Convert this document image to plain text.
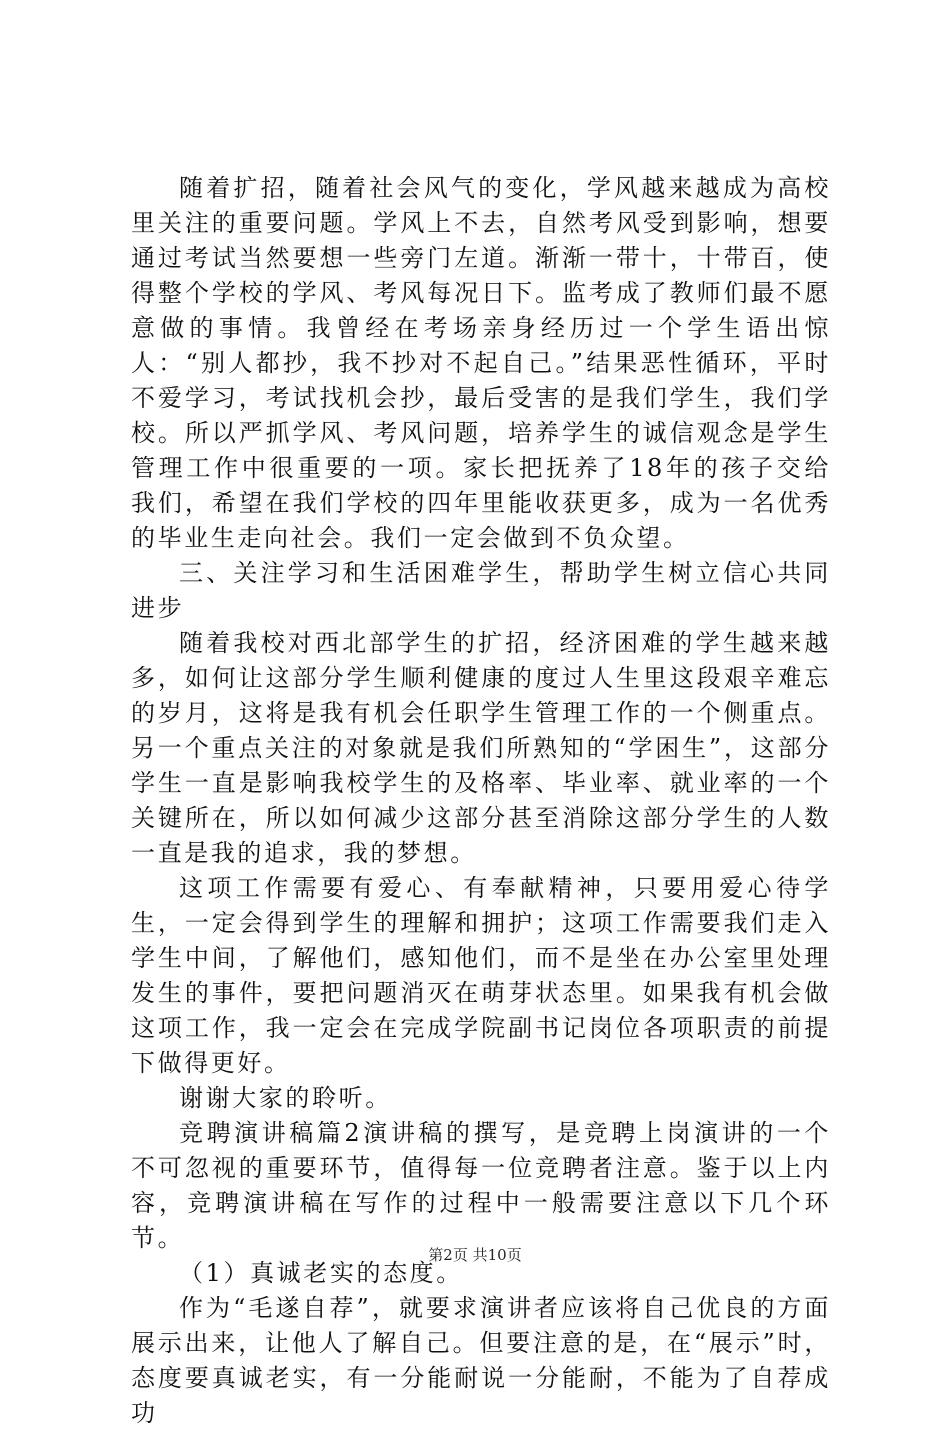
随着扩招，随着社会风气的变化，学风越来越成为高校里关注的重要问题。学风上不去，自然考风受到影响，想要通过考试当然要想一些旁门左道。渐渐一带十，十带百，使得整个学校的学风、考风每况日下。监考成了教师们最不愿意做的事情。我曾经在考场亲身经历过一个学生语出惊人：“别人都抄，我不抄对不起自己。”结果恶性循环，平时不爱学习，考试找机会抄，最后受害的是我们学生，我们学校。所以严抓学风、考风问题，培养学生的诚信观念是学生管理工作中很重要的一项。家长把抚养了18年的孩子交给我们，希望在我们学校的四年里能收获更多，成为一名优秀的毕业生走向社会。我们一定会做到不负众望。

三、关注学习和生活困难学生，帮助学生树立信心共同进步

随着我校对西北部学生的扩招，经济困难的学生越来越多，如何让这部分学生顺利健康的度过人生里这段艰辛难忘的岁月，这将是我有机会任职学生管理工作的一个侧重点。另一个重点关注的对象就是我们所熟知的“学困生”，这部分学生一直是影响我校学生的及格率、毕业率、就业率的一个关键所在，所以如何减少这部分甚至消除这部分学生的人数一直是我的追求，我的梦想。

这项工作需要有爱心、有奉献精神，只要用爱心待学生，一定会得到学生的理解和拥护；这项工作需要我们走入学生中间，了解他们，感知他们，而不是坐在办公室里处理发生的事件，要把问题消灭在萌芽状态里。如果我有机会做这项工作，我一定会在完成学院副书记岗位各项职责的前提下做得更好。

谢谢大家的聆听。

竞聘演讲稿篇2演讲稿的撰写，是竞聘上岗演讲的一个不可忽视的重要环节，值得每一位竞聘者注意。鉴于以上内容，竞聘演讲稿在写作的过程中一般需要注意以下几个环节。

（1）真诚老实的态度。

作为“毛遂自荐”，就要求演讲者应该将自己优良的方面展示出来，让他人了解自己。但要注意的是，在“展示”时，态度要真诚老实，有一分能耐说一分能耐，不能为了自荐成功

第2页 共10页
